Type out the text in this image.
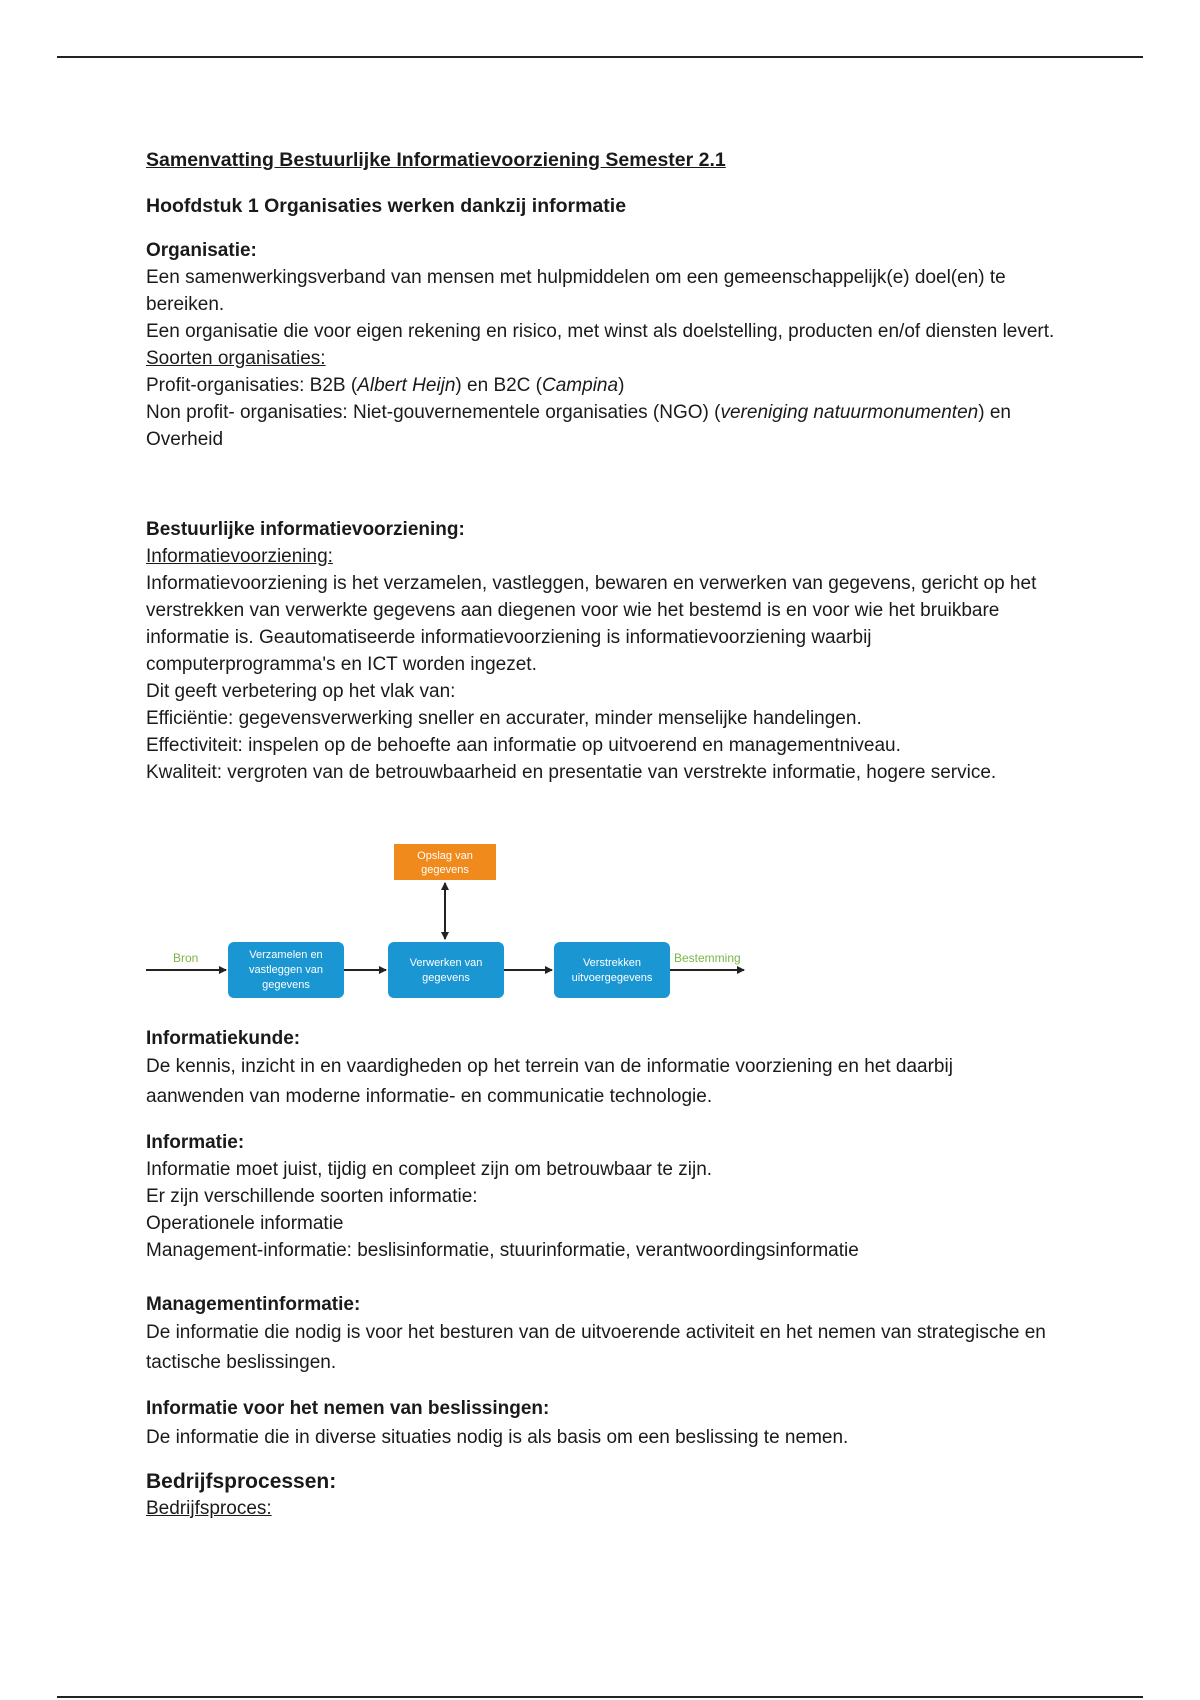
Samenvatting Bestuurlijke Informatievoorziening Semester 2.1
Hoofdstuk 1 Organisaties werken dankzij informatie
Organisatie:

Een samenwerkingsverband van mensen met hulpmiddelen om een gemeenschappelijk(e) doel(en) te bereiken.

Een organisatie die voor eigen rekening en risico, met winst als doelstelling, producten en/of diensten levert.

Soorten organisaties:

Profit-organisaties: B2B (Albert Heijn) en B2C (Campina)

Non profit- organisaties: Niet-gouvernementele organisaties (NGO) (vereniging natuurmonumenten) en Overheid

Bestuurlijke informatievoorziening:

Informatievoorziening:

Informatievoorziening is het verzamelen, vastleggen, bewaren en verwerken van gegevens, gericht op het verstrekken van verwerkte gegevens aan diegenen voor wie het bestemd is en voor wie het bruikbare informatie is. Geautomatiseerde informatievoorziening is informatievoorziening waarbij computerprogramma's en ICT worden ingezet.

Dit geeft verbetering op het vlak van:

Efficiëntie: gegevensverwerking sneller en accurater, minder menselijke handelingen.

Effectiviteit: inspelen op de behoefte aan informatie op uitvoerend en managementniveau.

Kwaliteit: vergroten van de betrouwbaarheid en presentatie van verstrekte informatie, hogere service.

Bron	Bestemming
Opslag van
gegevens
Verzamelen en
vastleggen van
gegevens
Verwerken van
gegevens
Verstrekken
uitvoergegevens
Informatiekunde:

De kennis, inzicht in en vaardigheden op het terrein van de informatie voorziening en het daarbij aanwenden van moderne informatie- en communicatie technologie.

Informatie:

Informatie moet juist, tijdig en compleet zijn om betrouwbaar te zijn.

Er zijn verschillende soorten informatie:

Operationele informatie

Management-informatie: beslisinformatie, stuurinformatie, verantwoordingsinformatie

Managementinformatie:

De informatie die nodig is voor het besturen van de uitvoerende activiteit en het nemen van strategische en tactische beslissingen.

Informatie voor het nemen van beslissingen:

De informatie die in diverse situaties nodig is als basis om een beslissing te nemen.

Bedrijfsprocessen:

Bedrijfsproces:
